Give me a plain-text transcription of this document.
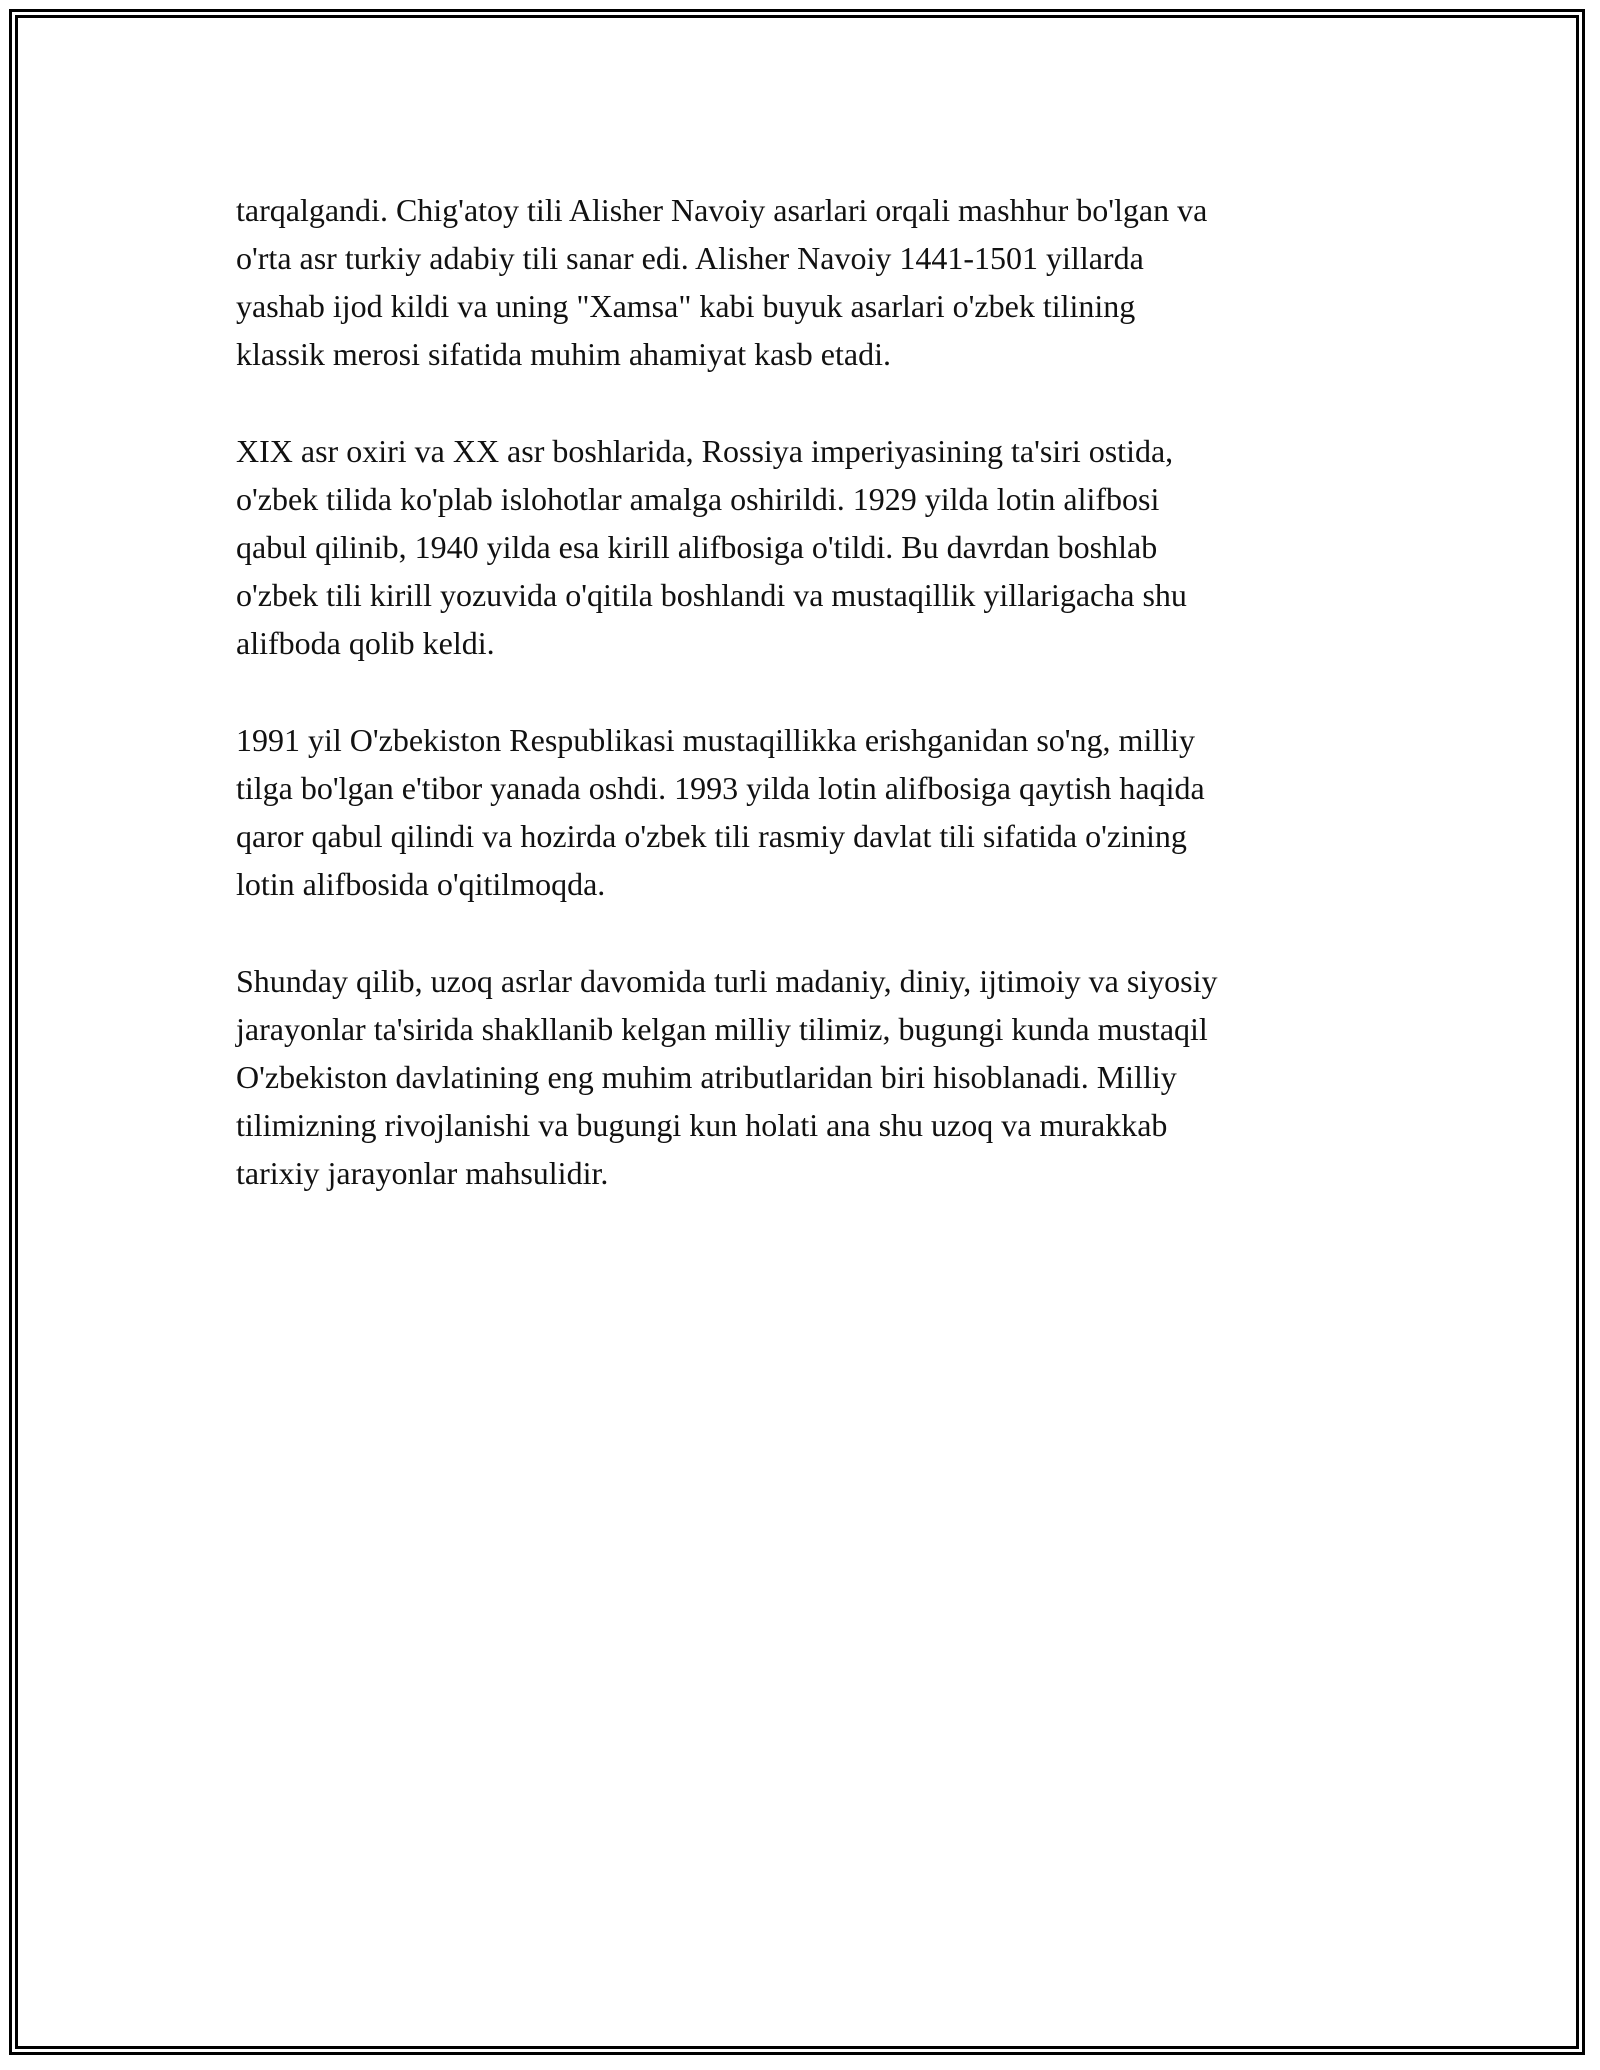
tarqalgandi. Chig'atoy tili Alisher Navoiy asarlari orqali mashhur bo'lgan va
o'rta asr turkiy adabiy tili sanar edi. Alisher Navoiy 1441-1501 yillarda
yashab ijod kildi va uning "Xamsa" kabi buyuk asarlari o'zbek tilining
klassik merosi sifatida muhim ahamiyat kasb etadi.

XIX asr oxiri va XX asr boshlarida, Rossiya imperiyasining ta'siri ostida,
o'zbek tilida ko'plab islohotlar amalga oshirildi. 1929 yilda lotin alifbosi
qabul qilinib, 1940 yilda esa kirill alifbosiga o'tildi. Bu davrdan boshlab
o'zbek tili kirill yozuvida o'qitila boshlandi va mustaqillik yillarigacha shu
alifboda qolib keldi.

1991 yil O'zbekiston Respublikasi mustaqillikka erishganidan so'ng, milliy
tilga bo'lgan e'tibor yanada oshdi. 1993 yilda lotin alifbosiga qaytish haqida
qaror qabul qilindi va hozirda o'zbek tili rasmiy davlat tili sifatida o'zining
lotin alifbosida o'qitilmoqda.

Shunday qilib, uzoq asrlar davomida turli madaniy, diniy, ijtimoiy va siyosiy
jarayonlar ta'sirida shakllanib kelgan milliy tilimiz, bugungi kunda mustaqil
O'zbekiston davlatining eng muhim atributlaridan biri hisoblanadi. Milliy
tilimizning rivojlanishi va bugungi kun holati ana shu uzoq va murakkab
tarixiy jarayonlar mahsulidir.
